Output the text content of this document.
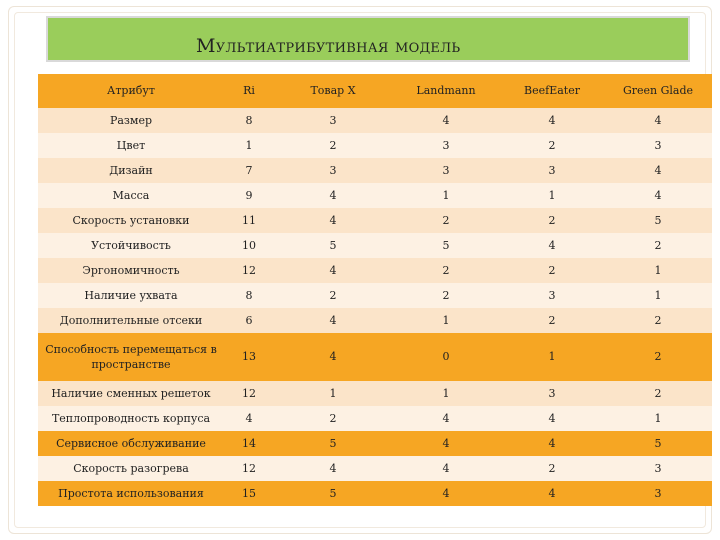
Мультиатрибутивная модель
Атрибут	Ri	Товар X	Landmann	BeefEater	Green Glade
Размер	8	3	4	4	4
Цвет	1	2	3	2	3
Дизайн	7	3	3	3	4
Масса	9	4	1	1	4
Скорость установки	11	4	2	2	5
Устойчивость	10	5	5	4	2
Эргономичность	12	4	2	2	1
Наличие ухвата	8	2	2	3	1
Дополнительные отсеки	6	4	1	2	2
Способность перемещаться в пространстве	13	4	0	1	2
Наличие сменных решеток	12	1	1	3	2
Теплопроводность корпуса	4	2	4	4	1
Сервисное обслуживание	14	5	4	4	5
Скорость разогрева	12	4	4	2	3
Простота использования	15	5	4	4	3
